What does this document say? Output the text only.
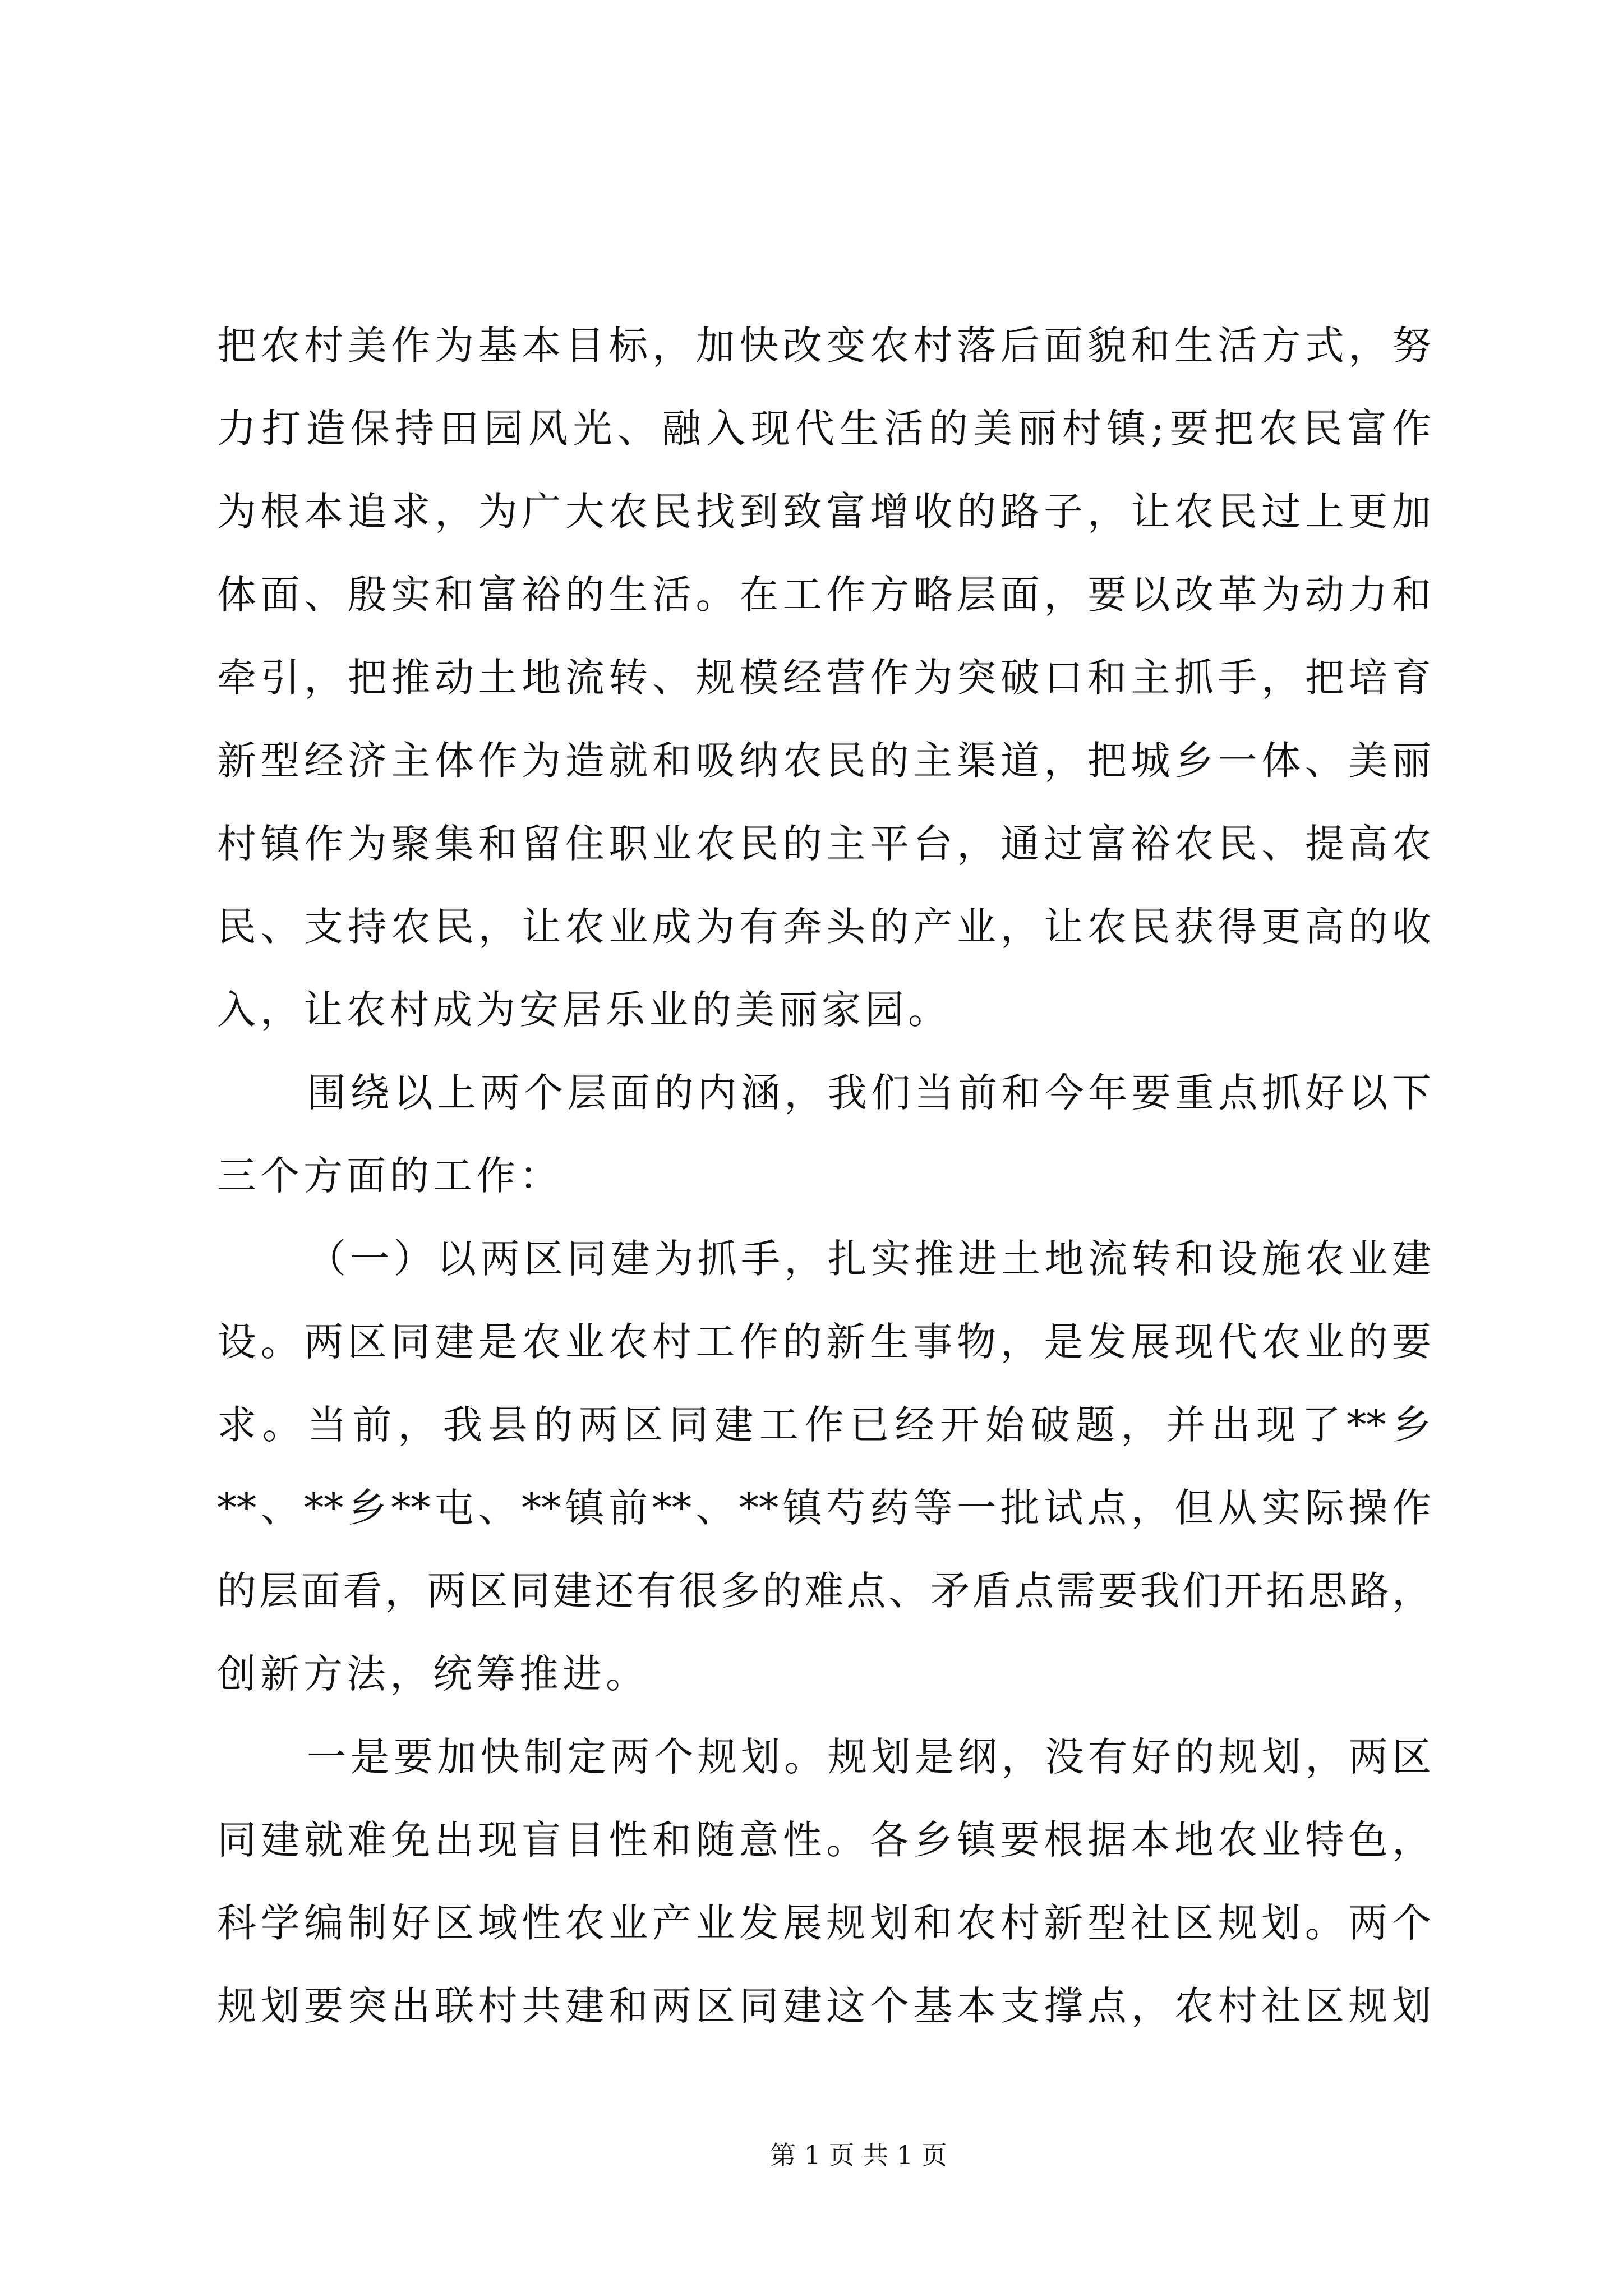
把农村美作为基本目标，加快改变农村落后面貌和生活方式，努
力打造保持田园风光、融入现代生活的美丽村镇;要把农民富作
为根本追求，为广大农民找到致富增收的路子，让农民过上更加
体面、殷实和富裕的生活。在工作方略层面，要以改革为动力和
牵引，把推动土地流转、规模经营作为突破口和主抓手，把培育
新型经济主体作为造就和吸纳农民的主渠道，把城乡一体、美丽
村镇作为聚集和留住职业农民的主平台，通过富裕农民、提高农
民、支持农民，让农业成为有奔头的产业，让农民获得更高的收
入，让农村成为安居乐业的美丽家园。
围绕以上两个层面的内涵，我们当前和今年要重点抓好以下
三个方面的工作：
（一）以两区同建为抓手，扎实推进土地流转和设施农业建
设。两区同建是农业农村工作的新生事物，是发展现代农业的要
求。当前，我县的两区同建工作已经开始破题，并出现了**乡
**、**乡**屯、**镇前**、**镇芍药等一批试点，但从实际操作
的层面看，两区同建还有很多的难点、矛盾点需要我们开拓思路，
创新方法，统筹推进。
一是要加快制定两个规划。规划是纲，没有好的规划，两区
同建就难免出现盲目性和随意性。各乡镇要根据本地农业特色，
科学编制好区域性农业产业发展规划和农村新型社区规划。两个
规划要突出联村共建和两区同建这个基本支撑点，农村社区规划
第 1 页 共 1 页
